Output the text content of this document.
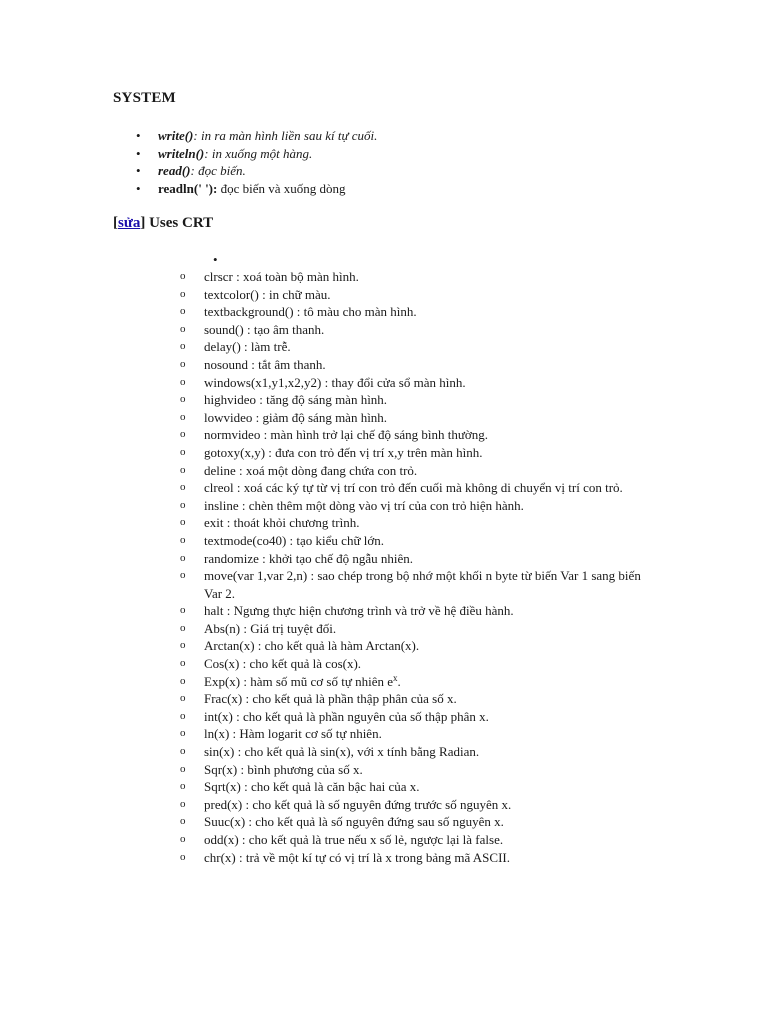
SYSTEM
• write(): in ra màn hình liền sau kí tự cuối.
• writeln(): in xuống một hàng.
• read(): đọc biến.
• readln(' '): đọc biến và xuống dòng
[sửa] Uses CRT
•
o clrscr : xoá toàn bộ màn hình.
o textcolor() : in chữ màu.
o textbackground() : tô màu cho màn hình.
o sound() : tạo âm thanh.
o delay() : làm trễ.
o nosound : tắt âm thanh.
o windows(x1,y1,x2,y2) : thay đổi cửa sổ màn hình.
o highvideo : tăng độ sáng màn hình.
o lowvideo : giảm độ sáng màn hình.
o normvideo : màn hình trở lại chế độ sáng bình thường.
o gotoxy(x,y) : đưa con trỏ đến vị trí x,y trên màn hình.
o deline : xoá một dòng đang chứa con trỏ.
o clreol : xoá các ký tự từ vị trí con trỏ đến cuối mà không di chuyển vị trí con trỏ.
o insline : chèn thêm một dòng vào vị trí của con trỏ hiện hành.
o exit : thoát khỏi chương trình.
o textmode(co40) : tạo kiểu chữ lớn.
o randomize : khởi tạo chế độ ngẫu nhiên.
o move(var 1,var 2,n) : sao chép trong bộ nhớ một khối n byte từ biến Var 1 sang biến Var 2.
o halt : Ngưng thực hiện chương trình và trở về hệ điều hành.
o Abs(n) : Giá trị tuyệt đối.
o Arctan(x) : cho kết quả là hàm Arctan(x).
o Cos(x) : cho kết quả là cos(x).
o Exp(x) : hàm số mũ cơ số tự nhiên $e^x$.
o Frac(x) : cho kết quả là phần thập phân của số x.
o int(x) : cho kết quả là phần nguyên của số thập phân x.
o ln(x) : Hàm logarit cơ số tự nhiên.
o sin(x) : cho kết quả là sin(x), với x tính bằng Radian.
o Sqr(x) : bình phương của số x.
o Sqrt(x) : cho kết quả là căn bậc hai của x.
o pred(x) : cho kết quả là số nguyên đứng trước số nguyên x.
o Suuc(x) : cho kết quả là số nguyên đứng sau số nguyên x.
o odd(x) : cho kết quả là true nếu x số lẻ, ngược lại là false.
o chr(x) : trả về một kí tự có vị trí là x trong bảng mã ASCII.
